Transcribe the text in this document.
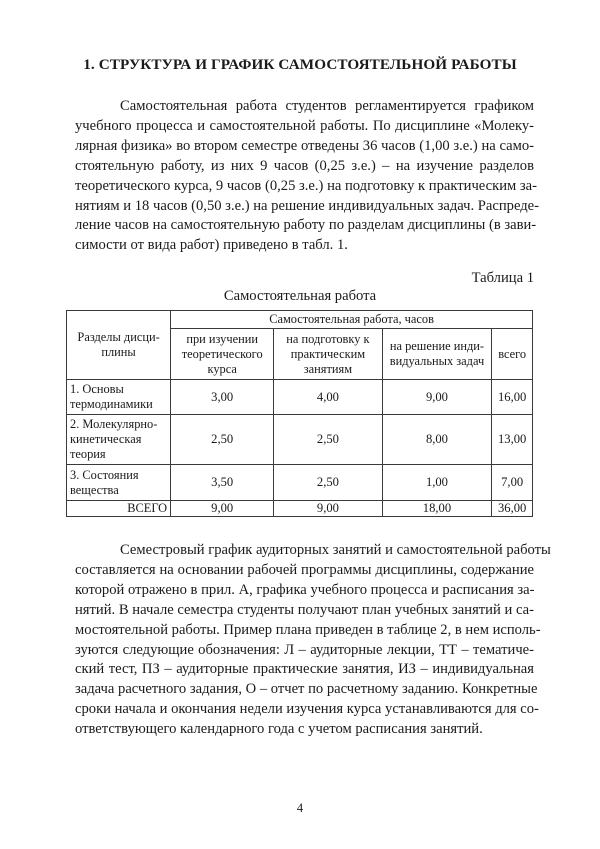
1. СТРУКТУРА И ГРАФИК САМОСТОЯТЕЛЬНОЙ РАБОТЫ

Самостоятельная работа студентов регламентируется графиком
учебного процесса и самостоятельной работы. По дисциплине «Молеку-
лярная физика» во втором семестре отведены 36 часов (1,00 з.е.) на само-
стоятельную работу, из них 9 часов (0,25 з.е.) – на изучение разделов
теоретического курса, 9 часов (0,25 з.е.) на подготовку к практическим за-
нятиям и 18 часов (0,50 з.е.) на решение индивидуальных задач. Распреде-
ление часов на самостоятельную работу по разделам дисциплины (в зави-
симости от вида работ) приведено в табл. 1.

Таблица 1
Самостоятельная работа
Разделы дисци-плины	Самостоятельная работа, часов			
	при изучении теоретического курса	на подготовку к практическим занятиям	на решение инди-видуальных задач	всего
1. Основы термодинамики	3,00	4,00	9,00	16,00
2. Молекулярно-кинетическая теория	2,50	2,50	8,00	13,00
3. Состояния вещества	3,50	2,50	1,00	7,00
ВСЕГО	9,00	9,00	18,00	36,00

Семестровый график аудиторных занятий и самостоятельной работы
составляется на основании рабочей программы дисциплины, содержание
которой отражено в прил. А, графика учебного процесса и расписания за-
нятий. В начале семестра студенты получают план учебных занятий и са-
мостоятельной работы. Пример плана приведен в таблице 2, в нем исполь-
зуются следующие обозначения: Л – аудиторные лекции, ТТ – тематиче-
ский тест, ПЗ – аудиторные практические занятия, ИЗ – индивидуальная
задача расчетного задания, О – отчет по расчетному заданию. Конкретные
сроки начала и окончания недели изучения курса устанавливаются для со-
ответствующего календарного года с учетом расписания занятий.

4
